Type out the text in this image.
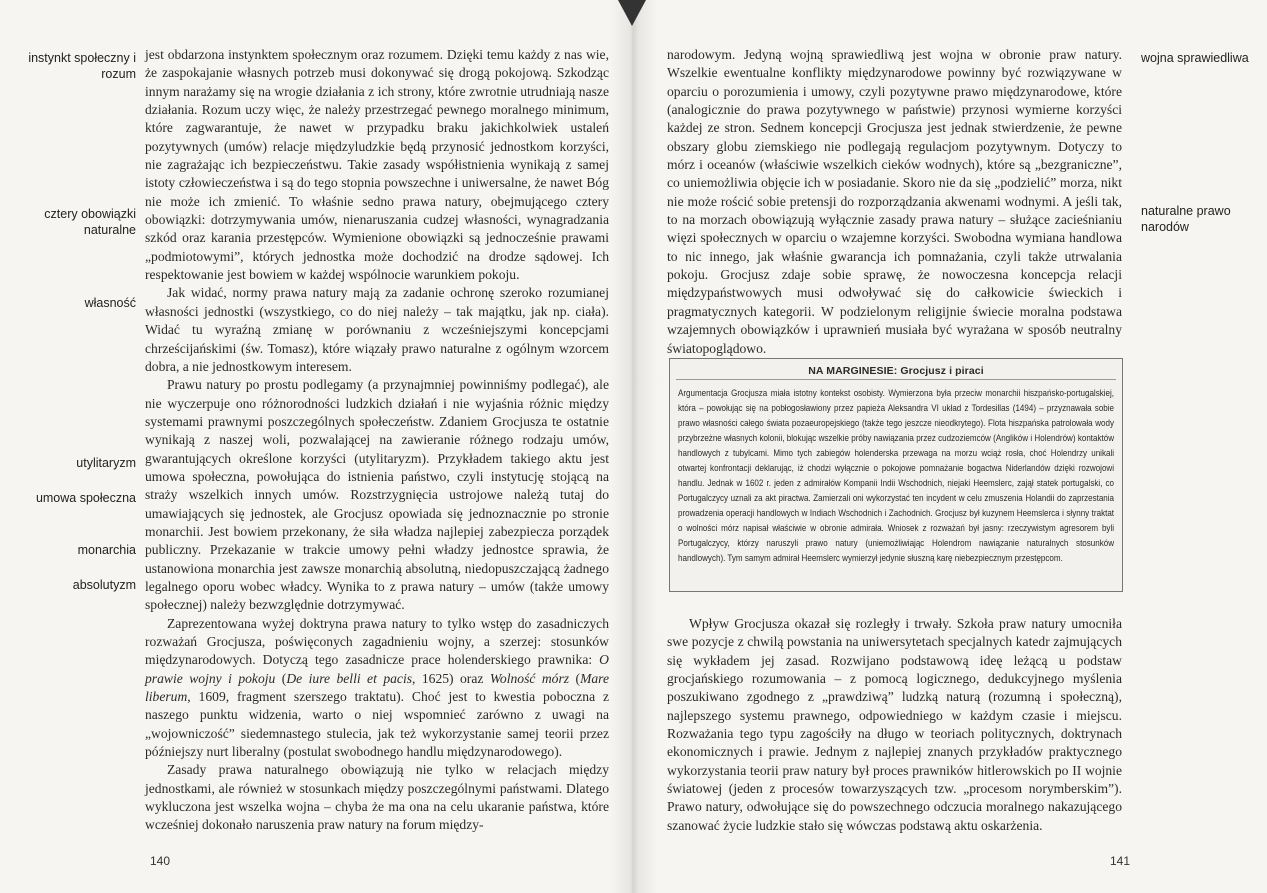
instynkt społeczny i rozum
cztery obowiązki naturalne
własność
utylitaryzm
umowa społeczna
monarchia
absolutyzm

jest obdarzona instynktem społecznym oraz rozumem. Dzięki temu każdy z nas wie, że zaspokajanie własnych potrzeb musi dokonywać się drogą pokojową. Szkodząc innym narażamy się na wrogie działania z ich strony, które zwrotnie utrudniają nasze działania. Rozum uczy więc, że należy przestrzegać pewnego moralnego minimum, które zagwarantuje, że nawet w przypadku braku jakichkolwiek ustaleń pozytywnych (umów) relacje międzyludzkie będą przynosić jednostkom korzyści, nie zagrażając ich bezpieczeństwu. Takie zasady współistnienia wynikają z samej istoty człowieczeństwa i są do tego stopnia powszechne i uniwersalne, że nawet Bóg nie może ich zmienić. To właśnie sedno prawa natury, obejmującego cztery obowiązki: dotrzymywania umów, nienaruszania cudzej własności, wynagradzania szkód oraz karania przestępców. Wymienione obowiązki są jednocześnie prawami „podmiotowymi”, których jednostka może dochodzić na drodze sądowej. Ich respektowanie jest bowiem w każdej wspólnocie warunkiem pokoju.

Jak widać, normy prawa natury mają za zadanie ochronę szeroko rozumianej własności jednostki (wszystkiego, co do niej należy – tak majątku, jak np. ciała). Widać tu wyraźną zmianę w porównaniu z wcześniejszymi koncepcjami chrześcijańskimi (św. Tomasz), które wiązały prawo naturalne z ogólnym wzorcem dobra, a nie jednostkowym interesem.

Prawu natury po prostu podlegamy (a przynajmniej powinniśmy podlegać), ale nie wyczerpuje ono różnorodności ludzkich działań i nie wyjaśnia różnic między systemami prawnymi poszczególnych społeczeństw. Zdaniem Grocjusza te ostatnie wynikają z naszej woli, pozwalającej na zawieranie różnego rodzaju umów, gwarantujących określone korzyści (utylitaryzm). Przykładem takiego aktu jest umowa społeczna, powołująca do istnienia państwo, czyli instytucję stojącą na straży wszelkich innych umów. Rozstrzygnięcia ustrojowe należą tutaj do umawiających się jednostek, ale Grocjusz opowiada się jednoznacznie po stronie monarchii. Jest bowiem przekonany, że siła władza najlepiej zabezpiecza porządek publiczny. Przekazanie w trakcie umowy pełni władzy jednostce sprawia, że ustanowiona monarchia jest zawsze monarchią absolutną, niedopuszczającą żadnego legalnego oporu wobec władcy. Wynika to z prawa natury – umów (także umowy społecznej) należy bezwzględnie dotrzymywać.

Zaprezentowana wyżej doktryna prawa natury to tylko wstęp do zasadniczych rozważań Grocjusza, poświęconych zagadnieniu wojny, a szerzej: stosunków międzynarodowych. Dotyczą tego zasadnicze prace holenderskiego prawnika: O prawie wojny i pokoju (De iure belli et pacis, 1625) oraz Wolność mórz (Mare liberum, 1609, fragment szerszego traktatu). Choć jest to kwestia poboczna z naszego punktu widzenia, warto o niej wspomnieć zarówno z uwagi na „wojowniczość” siedemnastego stulecia, jak też wykorzystanie samej teorii przez późniejszy nurt liberalny (postulat swobodnego handlu międzynarodowego).

Zasady prawa naturalnego obowiązują nie tylko w relacjach między jednostkami, ale również w stosunkach między poszczególnymi państwami. Dlatego wykluczona jest wszelka wojna – chyba że ma ona na celu ukaranie państwa, które wcześniej dokonało naruszenia praw natury na forum między-

140
wojna sprawiedliwa
naturalne prawo narodów

narodowym. Jedyną wojną sprawiedliwą jest wojna w obronie praw natury. Wszelkie ewentualne konflikty międzynarodowe powinny być rozwiązywane w oparciu o porozumienia i umowy, czyli pozytywne prawo międzynarodowe, które (analogicznie do prawa pozytywnego w państwie) przynosi wymierne korzyści każdej ze stron. Sednem koncepcji Grocjusza jest jednak stwierdzenie, że pewne obszary globu ziemskiego nie podlegają regulacjom pozytywnym. Dotyczy to mórz i oceanów (właściwie wszelkich cieków wodnych), które są „bezgraniczne”, co uniemożliwia objęcie ich w posiadanie. Skoro nie da się „podzielić” morza, nikt nie może rościć sobie pretensji do rozporządzania akwenami wodnymi. A jeśli tak, to na morzach obowiązują wyłącznie zasady prawa natury – służące zacieśnianiu więzi społecznych w oparciu o wzajemne korzyści. Swobodna wymiana handlowa to nic innego, jak właśnie gwarancja ich pomnażania, czyli także utrwalania pokoju. Grocjusz zdaje sobie sprawę, że nowoczesna koncepcja relacji międzypaństwowych musi odwoływać się do całkowicie świeckich i pragmatycznych kategorii. W podzielonym religijnie świecie moralna podstawa wzajemnych obowiązków i uprawnień musiała być wyrażana w sposób neutralny światopoglądowo.

NA MARGINESIE: Grocjusz i piraci
Argumentacja Grocjusza miała istotny kontekst osobisty. Wymierzona była przeciw monarchii hiszpańsko-portugalskiej, która – powołując się na pobłogosławiony przez papieża Aleksandra VI układ z Tordesillas (1494) – przyznawała sobie prawo własności całego świata pozaeuropejskiego (także tego jeszcze nieodkrytego). Flota hiszpańska patrolowała wody przybrzeżne własnych kolonii, blokując wszelkie próby nawiązania przez cudzoziemców (Anglików i Holendrów) kontaktów handlowych z tubylcami. Mimo tych zabiegów holenderska przewaga na morzu wciąż rosła, choć Holendrzy unikali otwartej konfrontacji deklarując, iż chodzi wyłącznie o pokojowe pomnażanie bogactwa Niderlandów dzięki rozwojowi handlu. Jednak w 1602 r. jeden z admirałów Kompanii Indii Wschodnich, niejaki Heemslerc, zajął statek portugalski, co Portugalczycy uznali za akt piractwa. Zamierzali oni wykorzystać ten incydent w celu zmuszenia Holandii do zaprzestania prowadzenia operacji handlowych w Indiach Wschodnich i Zachodnich. Grocjusz był kuzynem Heemslerca i słynny traktat o wolności mórz napisał właściwie w obronie admirała. Wniosek z rozważań był jasny: rzeczywistym agresorem byli Portugalczycy, którzy naruszyli prawo natury (uniemożliwiając Holendrom nawiązanie naturalnych stosunków handlowych). Tym samym admirał Heemslerc wymierzył jedynie słuszną karę niebezpiecznym przestępcom.

Wpływ Grocjusza okazał się rozległy i trwały. Szkoła praw natury umocniła swe pozycje z chwilą powstania na uniwersytetach specjalnych katedr zajmujących się wykładem jej zasad. Rozwijano podstawową ideę leżącą u podstaw grocjańskiego rozumowania – z pomocą logicznego, dedukcyjnego myślenia poszukiwano zgodnego z „prawdziwą” ludzką naturą (rozumną i społeczną), najlepszego systemu prawnego, odpowiedniego w każdym czasie i miejscu. Rozważania tego typu zagościły na długo w teoriach politycznych, doktrynach ekonomicznych i prawie. Jednym z najlepiej znanych przykładów praktycznego wykorzystania teorii praw natury był proces prawników hitlerowskich po II wojnie światowej (jeden z procesów towarzyszących tzw. „procesom norymberskim”). Prawo natury, odwołujące się do powszechnego odczucia moralnego nakazującego szanować życie ludzkie stało się wówczas podstawą aktu oskarżenia.

141
